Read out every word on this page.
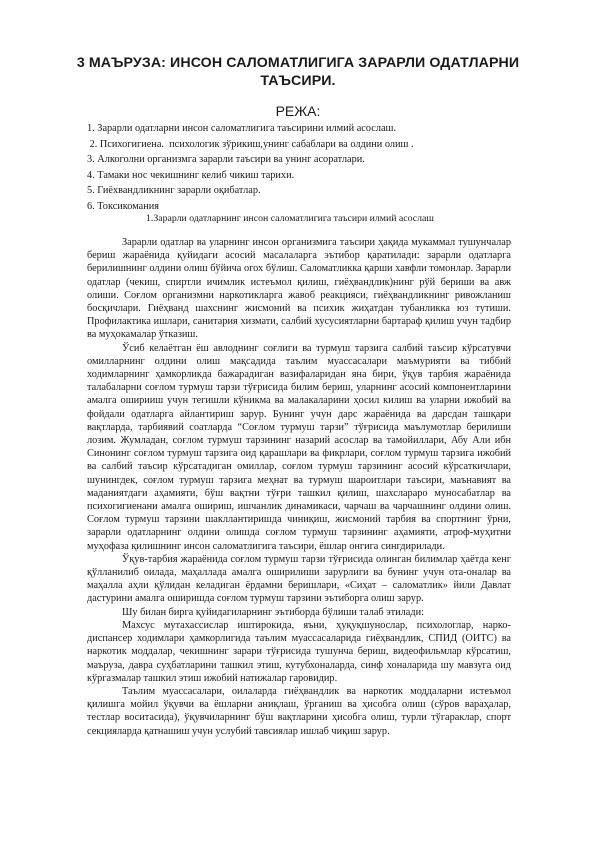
3 МАЪРУЗА: ИНСОН САЛОМАТЛИГИГА ЗАРАРЛИ ОДАТЛАРНИ ТАЪСИРИ.
РЕЖА:
1. Зарарли одатларни инсон саломатлигига таъсирини илмий асослаш.
2. Психогигиена.  психологик зўрикиш,унинг сабаблари ва олдини олиш .
3. Алкоголни организмга зарарли таъсири ва унинг асоратлари.
4. Тамаки нос чекишнинг келиб чикиш тарихи.
5. Гиёхвандликнинг зарарли оқибатлар.
6. Токсикомания
1.Зарарли одатларнинг инсон саломатлигига таъсири илмий асослаш

Зарарли одатлар ва уларнинг инсон организмига таъсири ҳақида мукаммал тушунчалар бериш жараёнида қуйидаги асосий масалаларга эътибор қаратилади: зарарли одатларга берилишнинг олдини олиш бўйича огох бўлиш. Саломатликка қарши хавфли томонлар. Зарарли одатлар (чекиш, спиртли ичимлик истеъмол қилиш, гиёҳвандлик)нинг рўй бериши ва авж олиши. Соғлом организмни наркотикларга жавоб реакцияси, гиёҳвандликнинг ривожланиш босқичлари. Гиёҳванд шахснинг жисмоний ва психик жиҳатдан тубанликка юз тутиши. Профилактика ишлари, санитария хизмати, салбий хусусиятларни бартараф қилиш учун тадбир ва муҳокамалар ўтказиш.

Ўсиб келаётган ёш авлоднинг соғлиги ва турмуш тарзига салбий таъсир кўрсатувчи омилларнинг олдини олиш мақсадида таълим муассасалари маъмурияти ва тиббий ходимларнинг ҳамкорликда бажарадиган вазифаларидан яна бири, ўқув тарбия жараёнида талабаларни соғлом турмуш тарзи тўғрисида билим бериш, уларнинг асосий компонентларини амалга оширииш учун тегишли кўникма ва малакаларини ҳосил килиш ва уларни ижобий ва фойдали одатларга айлантириш зарур. Бунинг учун дарс жараёнида ва дарсдан ташқари вақтларда, тарбиявий соатларда “Соғлом турмуш тарзи” тўғрисида маълумотлар берилиши лозим. Жумладан, соғлом турмуш тарзининг назарий асослар ва тамойиллари, Абу Али ибн Синонинг соғлом турмуш тарзига оид қарашлари ва фикрлари, соғлом турмуш тарзига ижобий ва салбий таъсир кўрсатадиган омиллар, соғлом турмуш тарзининг асосий кўрсаткичлари, шунингдек, соғлом турмуш тарзига меҳнат ва турмуш шароитлари таъсири, маънавият ва маданиятдаги аҳамияти, бўш вақтни тўғри ташкил қилиш, шахсларaро муносабатлар ва психогигиенани амалга ошириш, ишчанлик динамикаси, чарчаш ва чарчашнинг олдини олиш. Соғлом турмуш тарзини шакллантиришда чиниқиш, жисмоний тарбия ва спортнинг ўрни, зарарли одатларнинг олдини олишда соғлом турмуш тарзининг аҳамияти, атроф-муҳитни муҳофаза қилишнинг инсон саломатлигига таъсири, ёшлар онгига сингдирилади.

Ўқув-тарбия жараёнида соғлом турмуш тарзи тўғрисида олинган билимлар ҳаётда кенг қўлланилиб оилада, маҳаллада амалга оширилиши зарурлиги ва бунинг учун ота-оналар ва маҳалла аҳли қўлидан келадиган ёрдамни беришлари, «Сиҳат – саломатлик» йили Давлат дастурини амалга оширишда соғлом турмуш тарзини эътиборга олиш зарур.

Шу билан бирга қуйидагиларнинг эътиборда бўлиши талаб этилади:

Махсус мутахассислар иштирокида, яъни, ҳуқуқшунослар, психологлар, нарко-диспансер ходимлари ҳамкорлигида таълим муассасаларида гиёҳвандлик, СПИД (ОИТС) ва наркотик моддалар, чекишнинг зарари тўғрисида тушунча бериш, видеофильмлар кўрсатиш, маъруза, давра суҳбатларини ташкил этиш, кутубхоналарда, синф хоналарида шу мавзуга оид кўргазмалар ташкил этиш ижобий натижалар гаровидир.

Таълим муассасалари, оилаларда гиёҳвандлик ва наркотик моддаларни истеъмол қилишга мойил ўқувчи ва ёшларни аниқлаш, ўрганиш ва ҳисобга олиш (сўров вараҳалар, тестлар воситасида), ўқувчиларнинг бўш вақтларини ҳисобга олиш, турли тўгараклар, спорт секцияларда қатнашиш учун услубий тавсиялар ишлаб чиқиш зарур.
